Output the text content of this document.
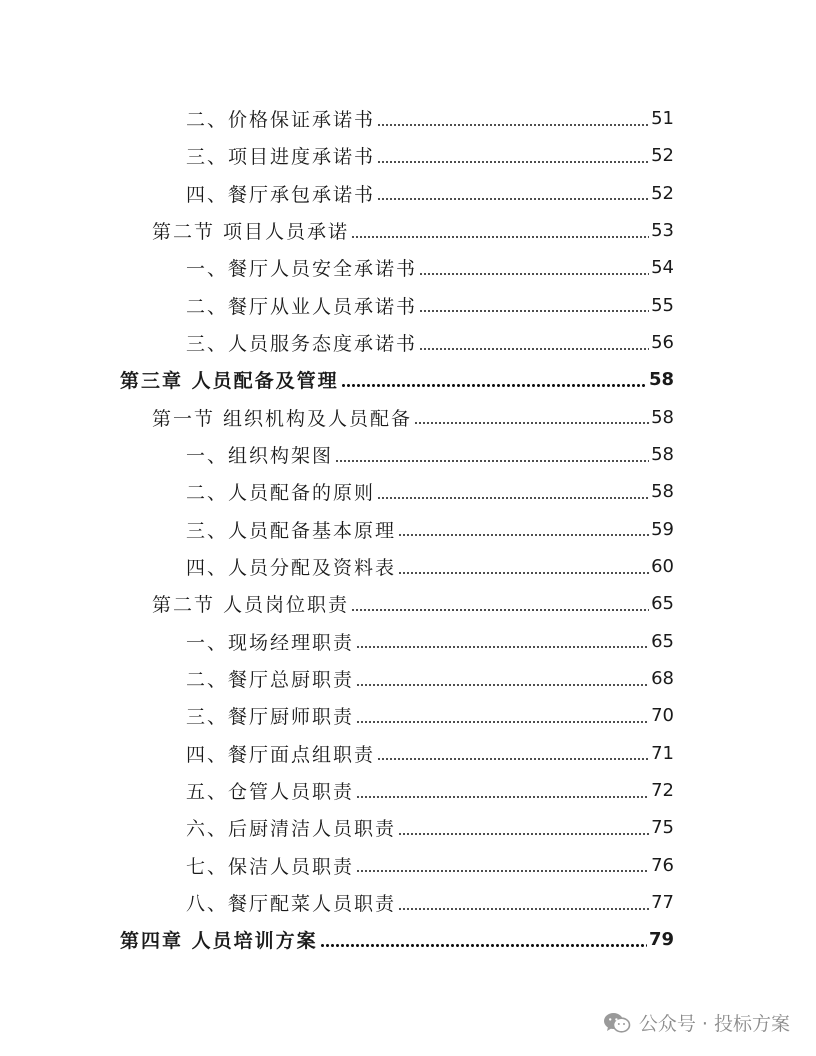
二、价格保证承诺书	51
三、项目进度承诺书	52
四、餐厅承包承诺书	52
第二节 项目人员承诺	53
一、餐厅人员安全承诺书	54
二、餐厅从业人员承诺书	55
三、人员服务态度承诺书	56
第三章 人员配备及管理	58
第一节 组织机构及人员配备	58
一、组织构架图	58
二、人员配备的原则	58
三、人员配备基本原理	59
四、人员分配及资料表	60
第二节 人员岗位职责	65
一、现场经理职责	65
二、餐厅总厨职责	68
三、餐厅厨师职责	70
四、餐厅面点组职责	71
五、仓管人员职责	72
六、后厨清洁人员职责	75
七、保洁人员职责	76
八、餐厅配菜人员职责	77
第四章 人员培训方案	79
公众号 · 投标方案
